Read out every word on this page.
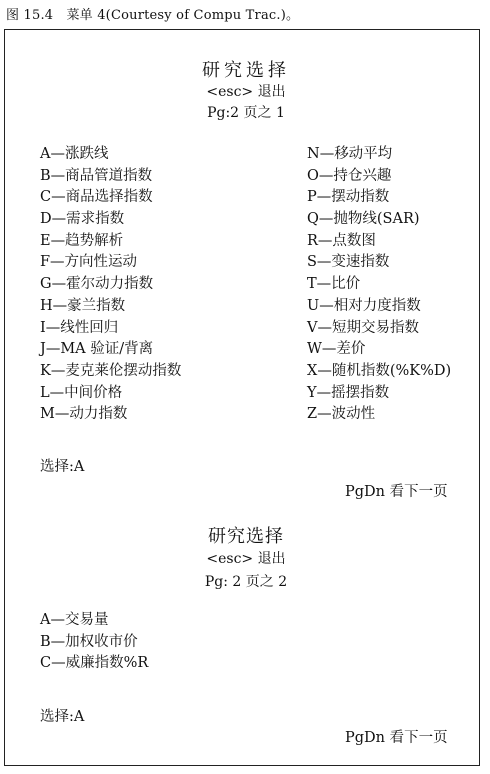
图 15.4　菜单 4(Courtesy of Compu Trac.)。
研究选择
<esc> 退出
Pg:2 页之 1
A—涨跌线
B—商品管道指数
C—商品选择指数
D—需求指数
E—趋势解析
F—方向性运动
G—霍尔动力指数
H—豪兰指数
I—线性回归
J—MA 验证/背离
K—麦克莱伦摆动指数
L—中间价格
M—动力指数
N—移动平均
O—持仓兴趣
P—摆动指数
Q—抛物线(SAR)
R—点数图
S—变速指数
T—比价
U—相对力度指数
V—短期交易指数
W—差价
X—随机指数(%K%D)
Y—摇摆指数
Z—波动性
选择:A
PgDn 看下一页
研究选择
<esc> 退出
Pg: 2 页之 2
A—交易量
B—加权收市价
C—威廉指数%R
选择:A
PgDn 看下一页
